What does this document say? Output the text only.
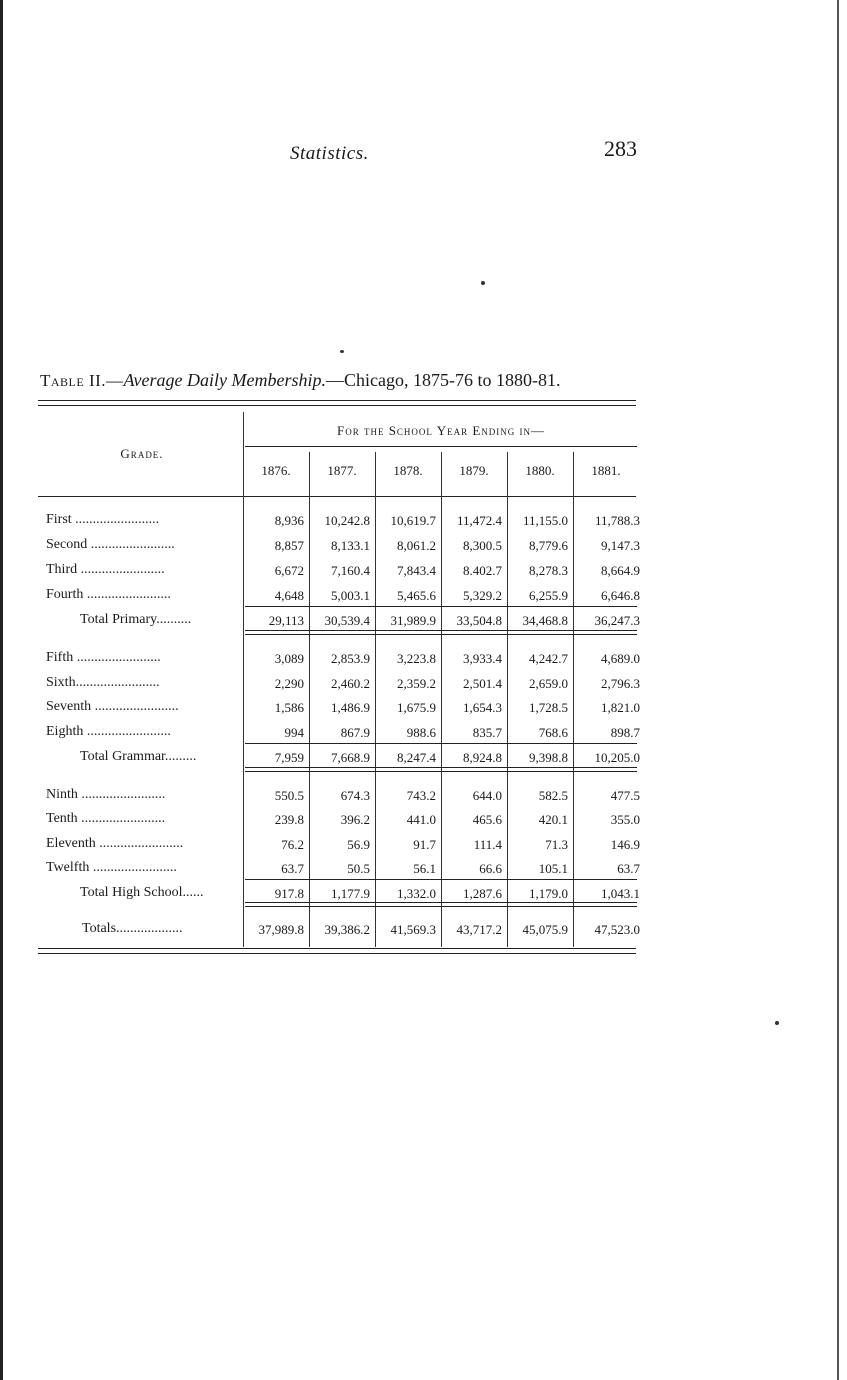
Statistics.	283
Table II.—Average Daily Membership.—Chicago, 1875-76 to 1880-81.
Grade.
For the School Year Ending in—
1876.	1877.	1878.	1879.	1880.	1881.
First ........................	8,936	10,242.8	10,619.7	11,472.4	11,155.0	11,788.3
Second ........................	8,857	8,133.1	8,061.2	8,300.5	8,779.6	9,147.3
Third ........................	6,672	7,160.4	7,843.4	8.402.7	8,278.3	8,664.9
Fourth ........................	4,648	5,003.1	5,465.6	5,329.2	6,255.9	6,646.8
Total Primary..........	29,113	30,539.4	31,989.9	33,504.8	34,468.8	36,247.3
Fifth ........................	3,089	2,853.9	3,223.8	3,933.4	4,242.7	4,689.0
Sixth........................	2,290	2,460.2	2,359.2	2,501.4	2,659.0	2,796.3
Seventh ........................	1,586	1,486.9	1,675.9	1,654.3	1,728.5	1,821.0
Eighth ........................	994	867.9	988.6	835.7	768.6	898.7
Total Grammar.........	7,959	7,668.9	8,247.4	8,924.8	9,398.8	10,205.0
Ninth ........................	550.5	674.3	743.2	644.0	582.5	477.5
Tenth ........................	239.8	396.2	441.0	465.6	420.1	355.0
Eleventh ........................	76.2	56.9	91.7	111.4	71.3	146.9
Twelfth ........................	63.7	50.5	56.1	66.6	105.1	63.7
Total High School......	917.8	1,177.9	1,332.0	1,287.6	1,179.0	1,043.1
Totals...................	37,989.8	39,386.2	41,569.3	43,717.2	45,075.9	47,523.0
